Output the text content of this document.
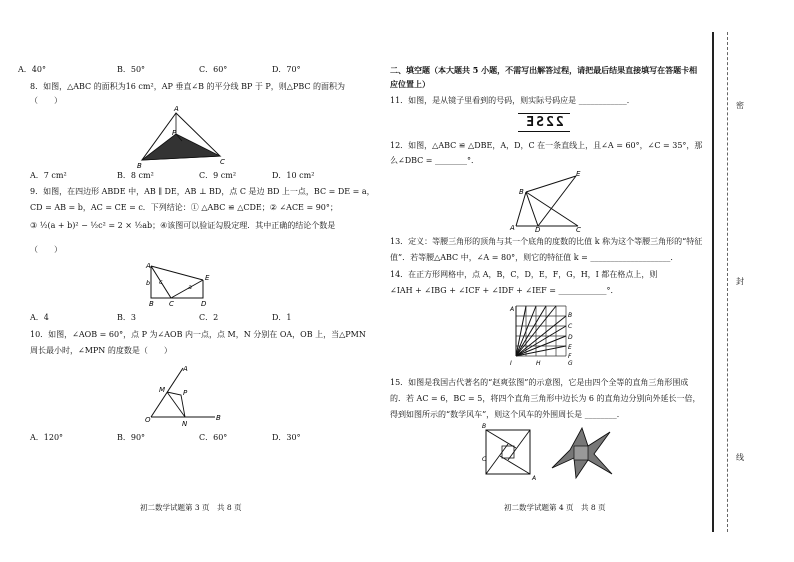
A．40°	B．50°	C．60°	D．70°
8．如图，△ABC 的面积为16 cm²，AP 垂直∠B 的平分线 BP 于 P，则△PBC 的面积为
（　　）
A
P
B	C
A．7 cm²	B．8 cm²	C．9 cm²	D．10 cm²
9．如图，在四边形 ABDE 中，AB ∥ DE，AB ⊥ BD，点 C 是边 BD 上一点，BC = DE = a，
CD = AB = b，AC = CE = c．下列结论：① △ABC ≌ △CDE；② ∠ACE = 90°；
③ ½(a + b)² − ½c² = 2 × ½ab；④该图可以验证勾股定理．其中正确的结论个数是
（　　）
A
E
b c
a
B C	D
A．4	B．3	C．2	D．1
10．如图，∠AOB = 60°，点 P 为∠AOB 内一点，点 M，N 分别在 OA，OB 上，当△PMN
周长最小时，∠MPN 的度数是（　　）
A
M	P
O	N
B
A．120°	B．90°	C．60°	D．30°
初二数学试题第 3 页　共 8 页
二、填空题（本大题共 5 小题，不需写出解答过程，请把最后结果直接填写在答题卡相
应位置上）
11．如图，是从镜子里看到的号码，则实际号码应是 ____________．
22SE
12．如图，△ABC ≌ △DBE，A，D，C 在一条直线上，且∠A = 60°，∠C = 35°，那
么∠DBC = ________°．
E
B
A	D	C
13．定义：等腰三角形的顶角与其一个底角的度数的比值 k 称为这个等腰三角形的“特征
值”．若等腰△ABC 中，∠A = 80°，则它的特征值 k = ____________________．
14．在正方形网格中，点 A，B，C，D，E，F，G，H，I 都在格点上，则
∠IAH + ∠IBG + ∠ICF + ∠IDF + ∠IEF = ____________°．
A
B
C
D
E
F
G
H
I
15．如图是我国古代著名的“赵爽弦图”的示意图，它是由四个全等的直角三角形围成
的．若 AC = 6，BC = 5，将四个直角三角形中边长为 6 的直角边分别向外延长一倍，
得到如图所示的“数学风车”，则这个风车的外围周长是 ________．
B
C
A
初二数学试题第 4 页　共 8 页
密
封
线
